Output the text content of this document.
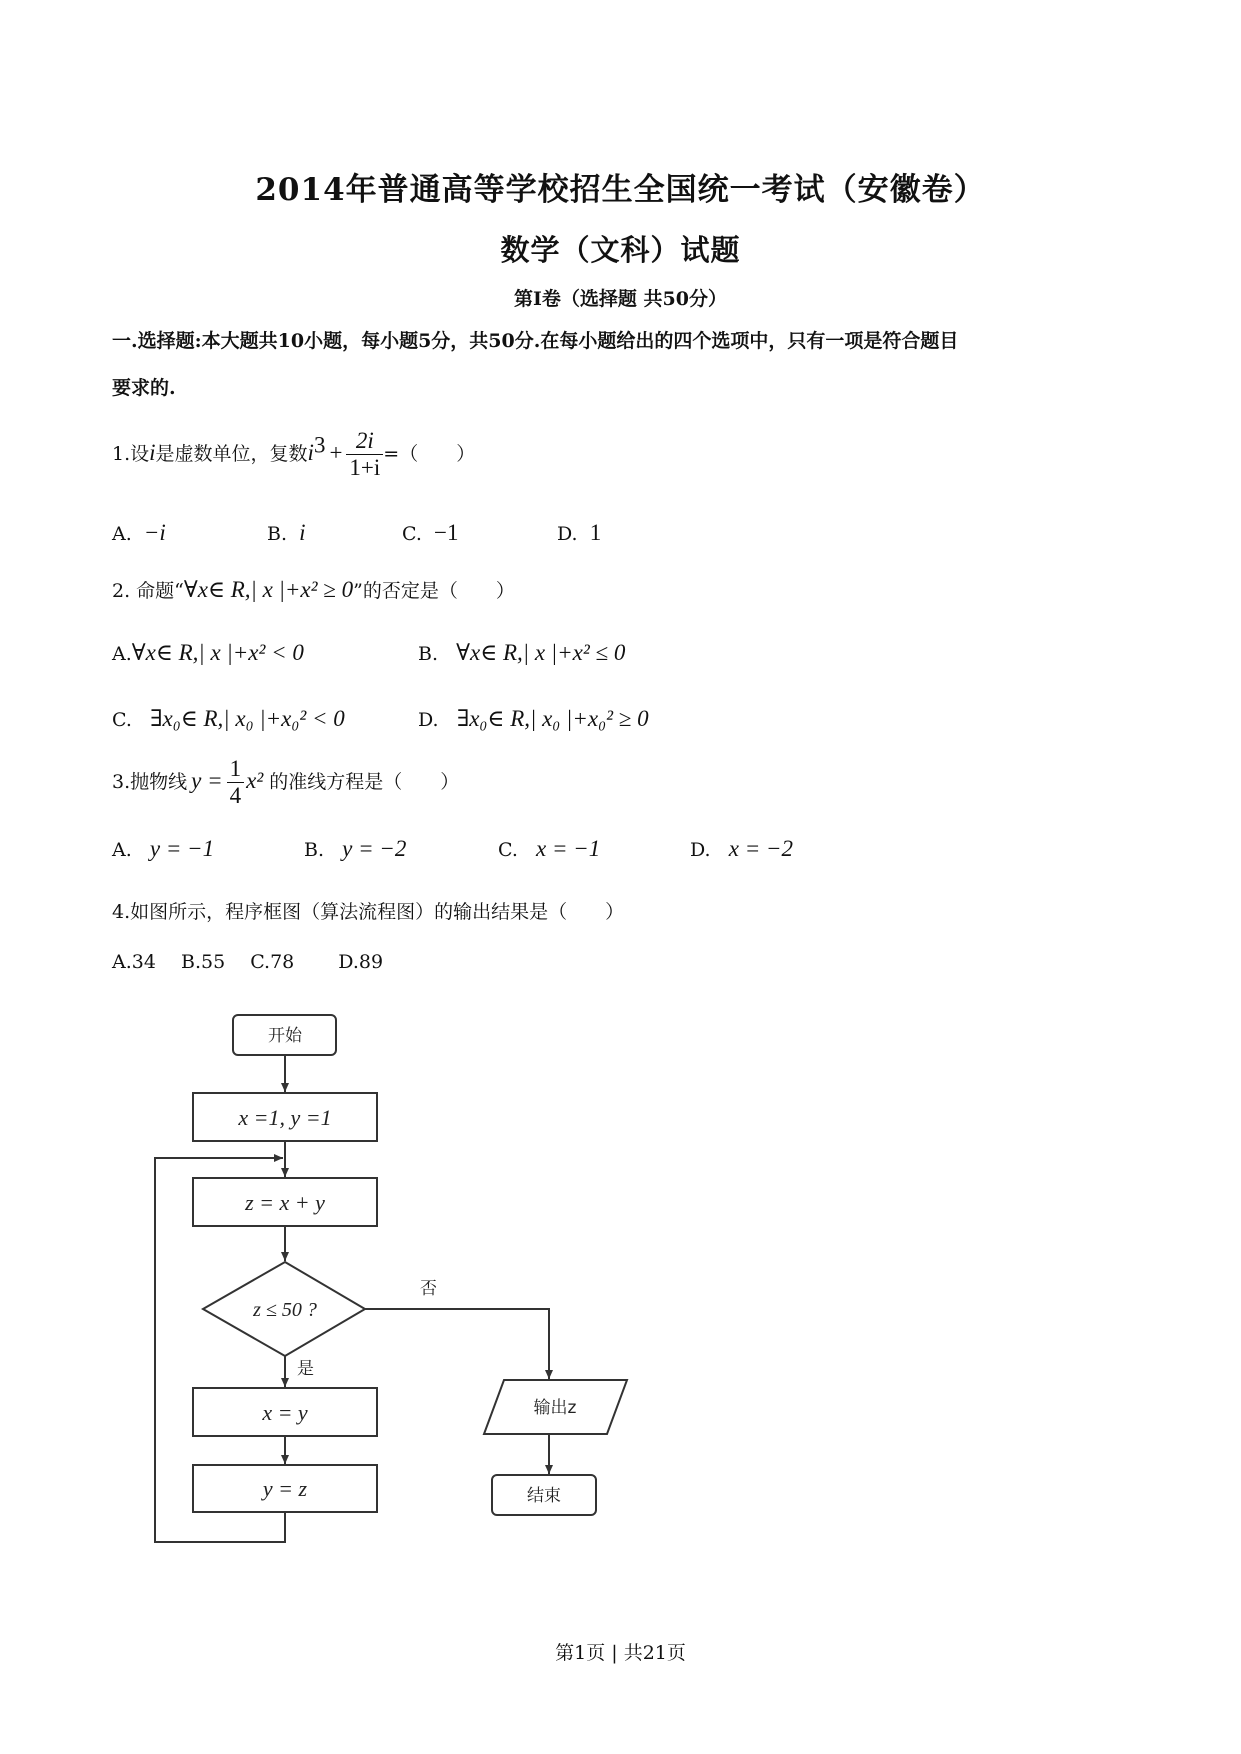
2014年普通高等学校招生全国统一考试（安徽卷）
数学（文科）试题
第I卷（选择题 共50分）
一.选择题:本大题共10小题，每小题5分，共50分.在每小题给出的四个选项中，只有一项是符合题目
要求的.
1.设i是虚数单位，复数$i^3 + \frac{2i}{1+i}$ =（　　）
A. −i	B. i	C. −1	D. 1
2. 命题“∀x∈ R,| x |+x² ≥ 0”的否定是（　　）
A.∀x∈ R,| x |+x² < 0	B. ∀x∈ R,| x |+x² ≤ 0
C. ∃x₀∈ R,| x₀ |+x₀² < 0	D. ∃x₀∈ R,| x₀ |+x₀² ≥ 0
3.抛物线 $y = \frac{1}{4} x^2$ 的准线方程是（　　）
A. y = −1	B. y = −2	C. x = −1	D. x = −2
4.如图所示，程序框图（算法流程图）的输出结果是（　　）
A.34　 B.55　 C.78　　 D.89
开始
x =1, y =1
z = x + y
z ≤ 50 ?
否
是
x = y
y = z
输出z
结束
第1页 | 共21页
